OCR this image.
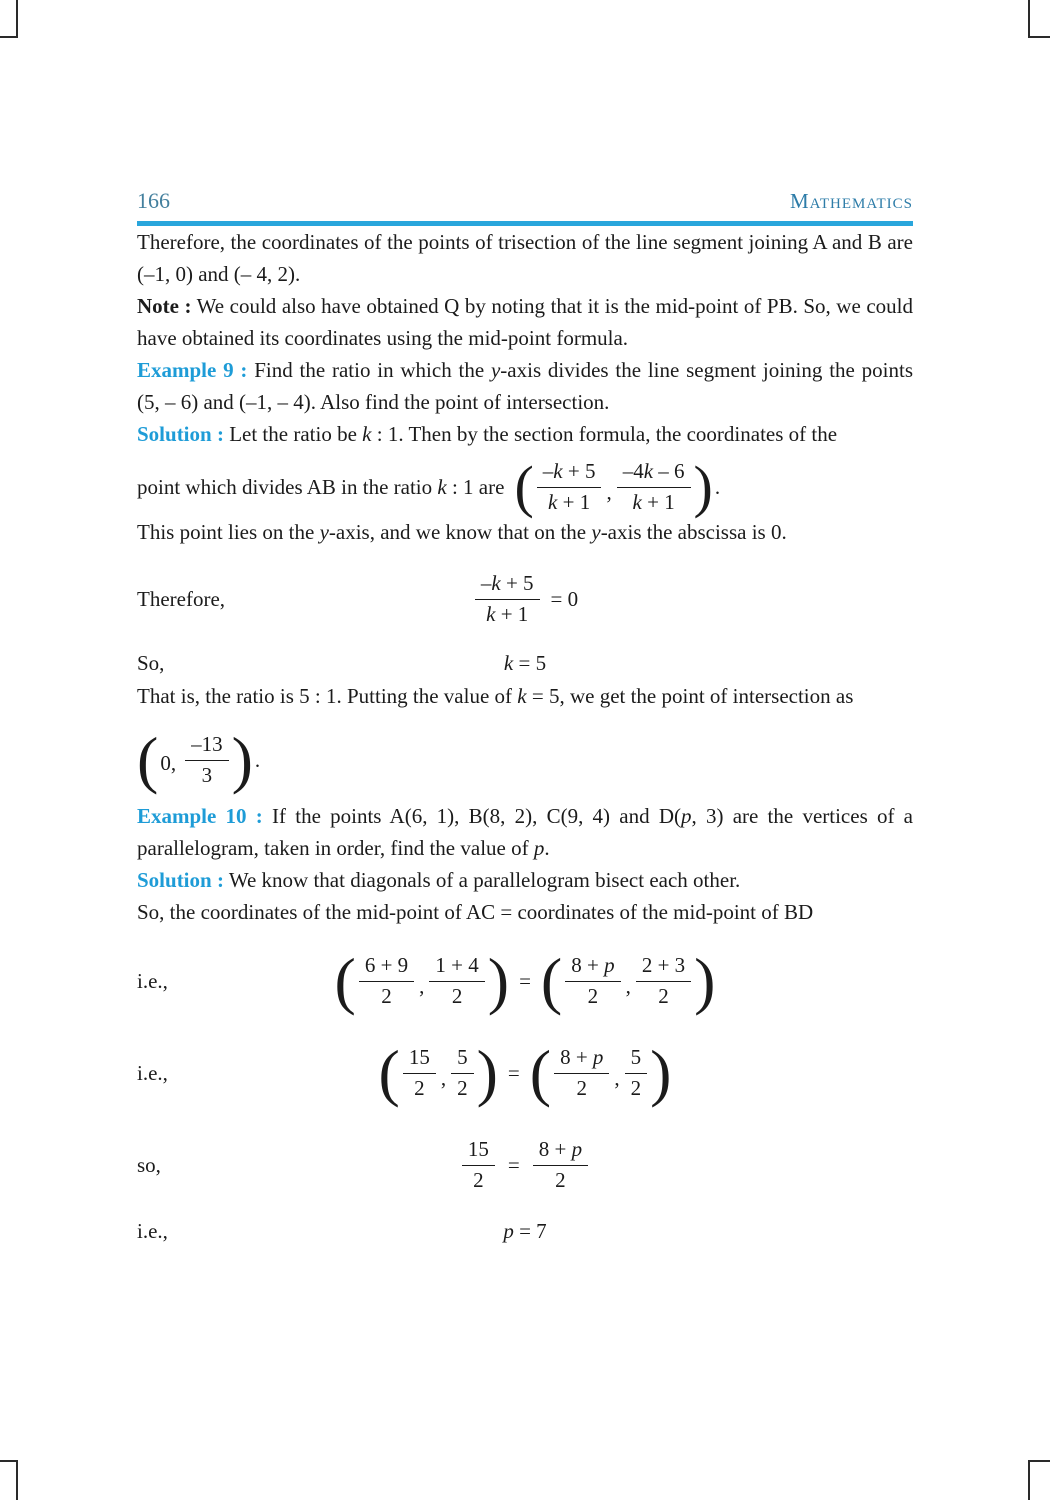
166	Mathematics

Therefore, the coordinates of the points of trisection of the line segment joining A and B are (–1, 0) and (– 4, 2).

Note : We could also have obtained Q by noting that it is the mid-point of PB. So, we could have obtained its coordinates using the mid-point formula.

Example 9 : Find the ratio in which the y-axis divides the line segment joining the points (5, – 6) and (–1, – 4). Also find the point of intersection.

Solution : Let the ratio be k : 1. Then by the section formula, the coordinates of the

point which divides AB in the ratio k : 1 are ( –k + 5
k + 1 ,
–4k – 6
k + 1 ) .

This point lies on the y-axis, and we know that on the y-axis the abscissa is 0.

Therefore,	$\frac{-k + 5}{k + 1} = 0$
So,	k = 5

That is, the ratio is 5 : 1. Putting the value of k = 5, we get the point of intersection as

( 0,
–13
3 ) .

Example 10 : If the points A(6, 1), B(8, 2), C(9, 4) and D(p, 3) are the vertices of a parallelogram, taken in order, find the value of p.

Solution : We know that diagonals of a parallelogram bisect each other.

So, the coordinates of the mid-point of AC = coordinates of the mid-point of BD

i.e.,	( 6 + 9
2	,
1 + 4
2 ) = ( 8 + p
2	,
2 + 3
2 )
i.e.,	( 15
2 ,
5
2 ) = ( 8 + p
2	,
5
2 )
so,	$\frac{15}{2} = \frac{8 + p}{2}$
i.e.,	p = 7
